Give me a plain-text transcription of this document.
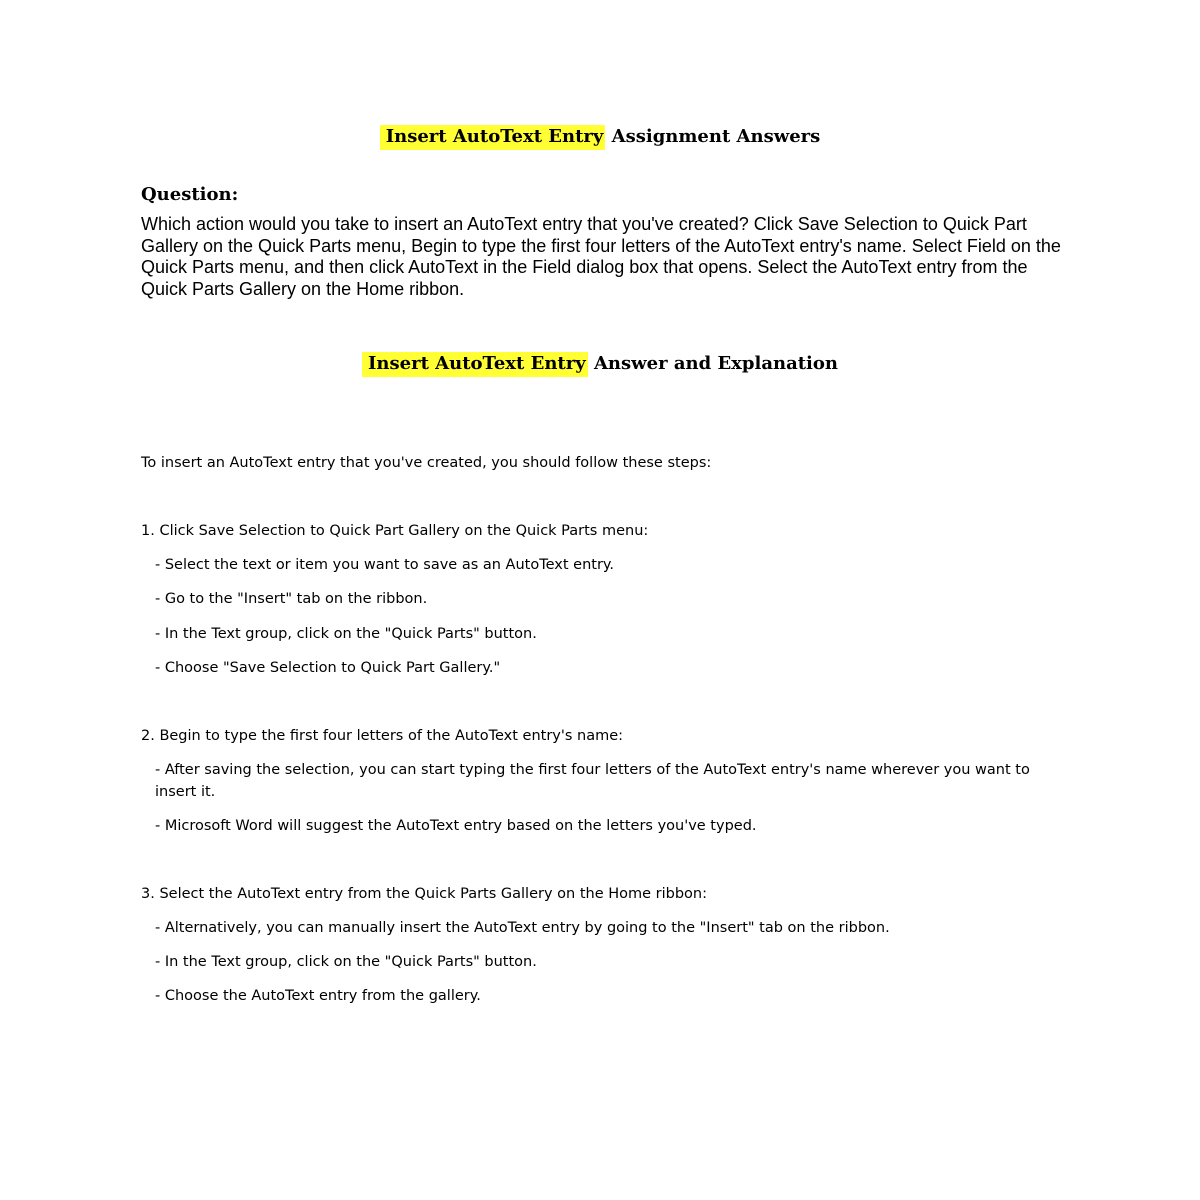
Insert AutoText Entry Assignment Answers
Question:
Which action would you take to insert an AutoText entry that you've created? Click Save Selection to Quick Part Gallery on the Quick Parts menu, Begin to type the first four letters of the AutoText entry's name. Select Field on the Quick Parts menu, and then click AutoText in the Field dialog box that opens. Select the AutoText entry from the Quick Parts Gallery on the Home ribbon.
Insert AutoText Entry Answer and Explanation
To insert an AutoText entry that you've created, you should follow these steps:
1. Click Save Selection to Quick Part Gallery on the Quick Parts menu:
- Select the text or item you want to save as an AutoText entry.
- Go to the "Insert" tab on the ribbon.
- In the Text group, click on the "Quick Parts" button.
- Choose "Save Selection to Quick Part Gallery."
2. Begin to type the first four letters of the AutoText entry's name:
- After saving the selection, you can start typing the first four letters of the AutoText entry's name wherever you want to insert it.
- Microsoft Word will suggest the AutoText entry based on the letters you've typed.
3. Select the AutoText entry from the Quick Parts Gallery on the Home ribbon:
- Alternatively, you can manually insert the AutoText entry by going to the "Insert" tab on the ribbon.
- In the Text group, click on the "Quick Parts" button.
- Choose the AutoText entry from the gallery.
